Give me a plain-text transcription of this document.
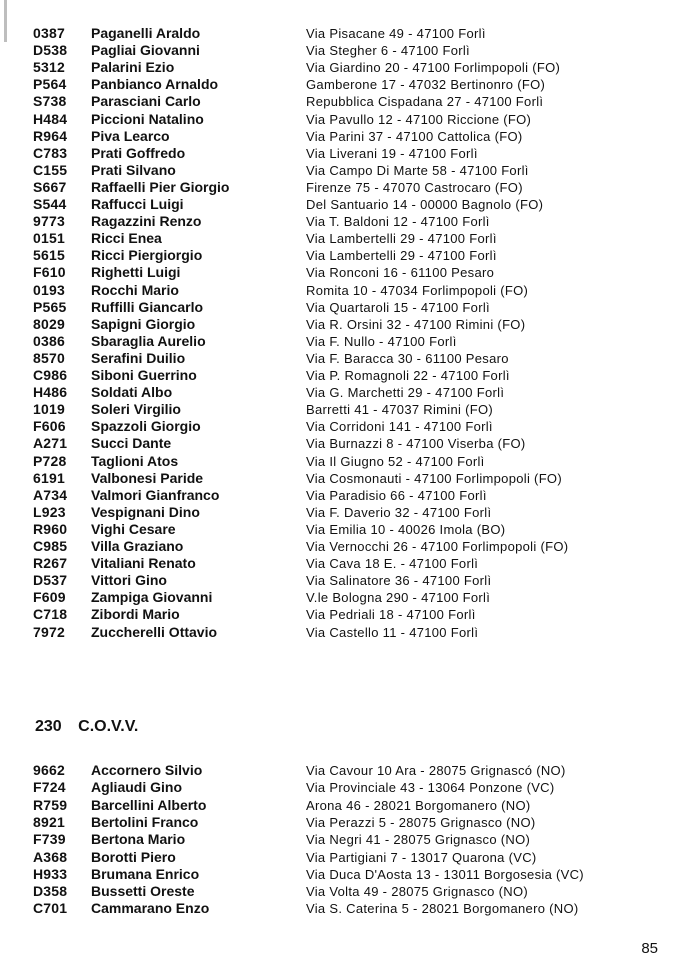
0387 Paganelli Araldo	Via Pisacane 49 - 47100 Forlì
D538 Pagliai Giovanni	Via Stegher 6 - 47100 Forlì
5312 Palarini Ezio	Via Giardino 20 - 47100 Forlimpopoli (FO)
P564 Panbianco Arnaldo	Gamberone 17 - 47032 Bertinonro (FO)
S738 Parasciani Carlo	Repubblica Cispadana 27 - 47100 Forlì
H484 Piccioni Natalino	Via Pavullo 12 - 47100 Riccione (FO)
R964 Piva Learco	Via Parini 37 - 47100 Cattolica (FO)
C783 Prati Goffredo	Via Liverani 19 - 47100 Forlì
C155 Prati Silvano	Via Campo Di Marte 58 - 47100 Forlì
S667 Raffaelli Pier Giorgio	Firenze 75 - 47070 Castrocaro (FO)
S544 Raffucci Luigi	Del Santuario 14 - 00000 Bagnolo (FO)
9773 Ragazzini Renzo	Via T. Baldoni 12 - 47100 Forlì
0151 Ricci Enea	Via Lambertelli 29 - 47100 Forlì
5615 Ricci Piergiorgio	Via Lambertelli 29 - 47100 Forlì
F610 Righetti Luigi	Via Ronconi 16 - 61100 Pesaro
0193 Rocchi Mario	Romita 10 - 47034 Forlimpopoli (FO)
P565 Ruffilli Giancarlo	Via Quartaroli 15 - 47100 Forlì
8029 Sapigni Giorgio	Via R. Orsini 32 - 47100 Rimini (FO)
0386 Sbaraglia Aurelio	Via F. Nullo - 47100 Forlì
8570 Serafini Duilio	Via F. Baracca 30 - 61100 Pesaro
C986 Siboni Guerrino	Via P. Romagnoli 22 - 47100 Forlì
H486 Soldati Albo	Via G. Marchetti 29 - 47100 Forlì
1019 Soleri Virgilio	Barretti 41 - 47037 Rimini (FO)
F606 Spazzoli Giorgio	Via Corridoni 141 - 47100 Forlì
A271 Succi Dante	Via Burnazzi 8 - 47100 Viserba (FO)
P728 Taglioni Atos	Via Il Giugno 52 - 47100 Forlì
6191 Valbonesi Paride	Via Cosmonauti - 47100 Forlimpopoli (FO)
A734 Valmori Gianfranco	Via Paradisio 66 - 47100 Forlì
L923 Vespignani Dino	Via F. Daverio 32 - 47100 Forlì
R960 Vighi Cesare	Via Emilia 10 - 40026 Imola (BO)
C985 Villa Graziano	Via Vernocchi 26 - 47100 Forlimpopoli (FO)
R267 Vitaliani Renato	Via Cava 18 E. - 47100 Forlì
D537 Vittori Gino	Via Salinatore 36 - 47100 Forlì
F609 Zampiga Giovanni	V.le Bologna 290 - 47100 Forlì
C718 Zibordi Mario	Via Pedriali 18 - 47100 Forlì
7972 Zuccherelli Ottavio	Via Castello 11 - 47100 Forlì
230 C.O.V.V.
9662 Accornero Silvio	Via Cavour 10 Ara - 28075 Grignascó (NO)
F724 Agliaudi Gino	Via Provinciale 43 - 13064 Ponzone (VC)
R759 Barcellini Alberto	Arona 46 - 28021 Borgomanero (NO)
8921 Bertolini Franco	Via Perazzi 5 - 28075 Grignasco (NO)
F739 Bertona Mario	Via Negri 41 - 28075 Grignasco (NO)
A368 Borotti Piero	Via Partigiani 7 - 13017 Quarona (VC)
H933 Brumana Enrico	Via Duca D'Aosta 13 - 13011 Borgosesia (VC)
D358 Bussetti Oreste	Via Volta 49 - 28075 Grignasco (NO)
C701 Cammarano Enzo	Via S. Caterina 5 - 28021 Borgomanero (NO)
85
